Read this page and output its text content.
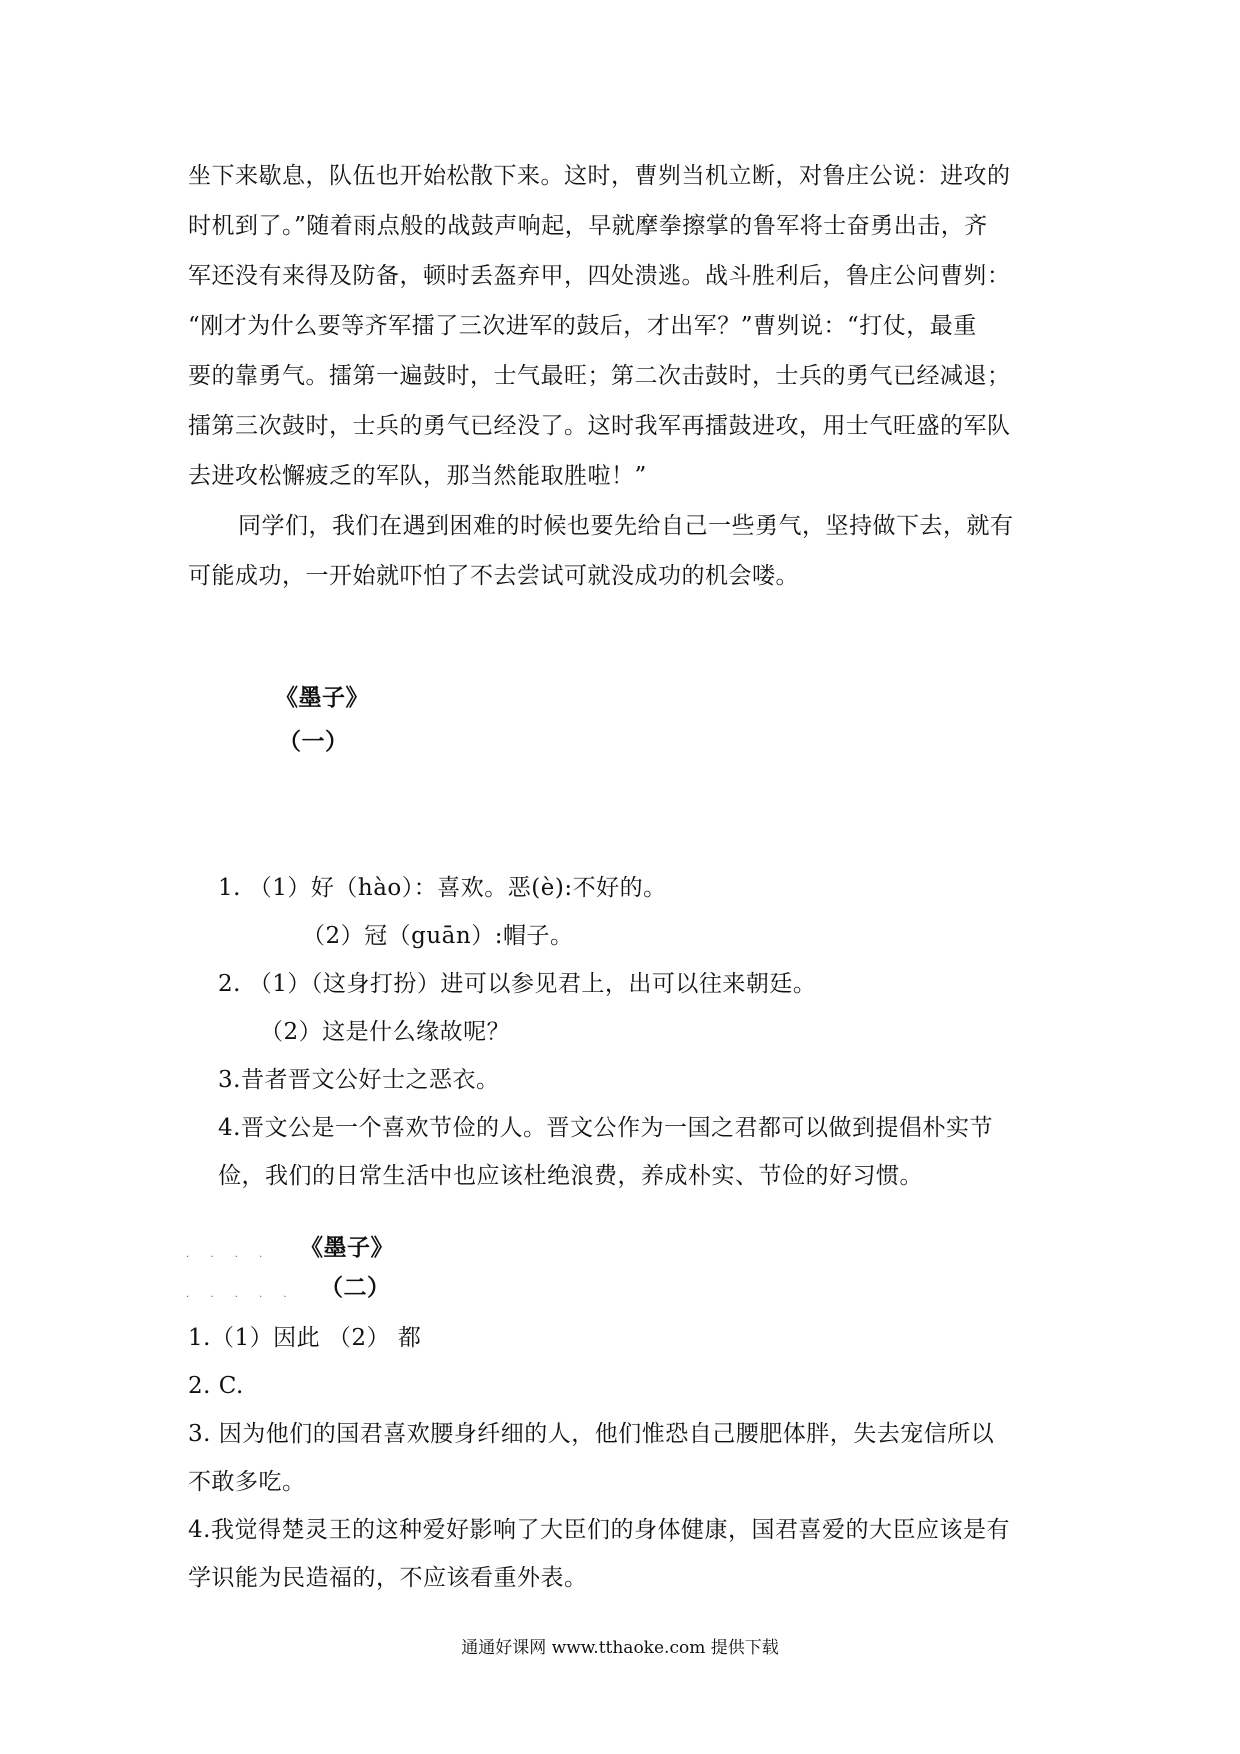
坐下来歇息，队伍也开始松散下来。这时，曹刿当机立断，对鲁庄公说：进攻的
时机到了。”随着雨点般的战鼓声响起，早就摩拳擦掌的鲁军将士奋勇出击，齐
军还没有来得及防备，顿时丢盔弃甲，四处溃逃。战斗胜利后，鲁庄公问曹刿：
“刚才为什么要等齐军擂了三次进军的鼓后，才出军？”曹刿说：“打仗，最重
要的靠勇气。擂第一遍鼓时，士气最旺；第二次击鼓时，士兵的勇气已经减退；
擂第三次鼓时，士兵的勇气已经没了。这时我军再擂鼓进攻，用士气旺盛的军队
去进攻松懈疲乏的军队，那当然能取胜啦！”
同学们，我们在遇到困难的时候也要先给自己一些勇气，坚持做下去，就有
可能成功，一开始就吓怕了不去尝试可就没成功的机会喽。
《墨子》
（一）
1. （1）好（hào）：喜欢。恶(è):不好的。
（2）冠（guān）:帽子。
2. （1）（这身打扮）进可以参见君上，出可以往来朝廷。
（2）这是什么缘故呢？
3.昔者晋文公好士之恶衣。
4.晋文公是一个喜欢节俭的人。晋文公作为一国之君都可以做到提倡朴实节
俭，我们的日常生活中也应该杜绝浪费，养成朴实、节俭的好习惯。
. . . . 《墨子》
. . . . . （二）
1.（1）因此 （2） 都
2. C.
3. 因为他们的国君喜欢腰身纤细的人，他们惟恐自己腰肥体胖，失去宠信所以
不敢多吃。
4.我觉得楚灵王的这种爱好影响了大臣们的身体健康，国君喜爱的大臣应该是有
学识能为民造福的，不应该看重外表。
通通好课网 www.tthaoke.com 提供下载
